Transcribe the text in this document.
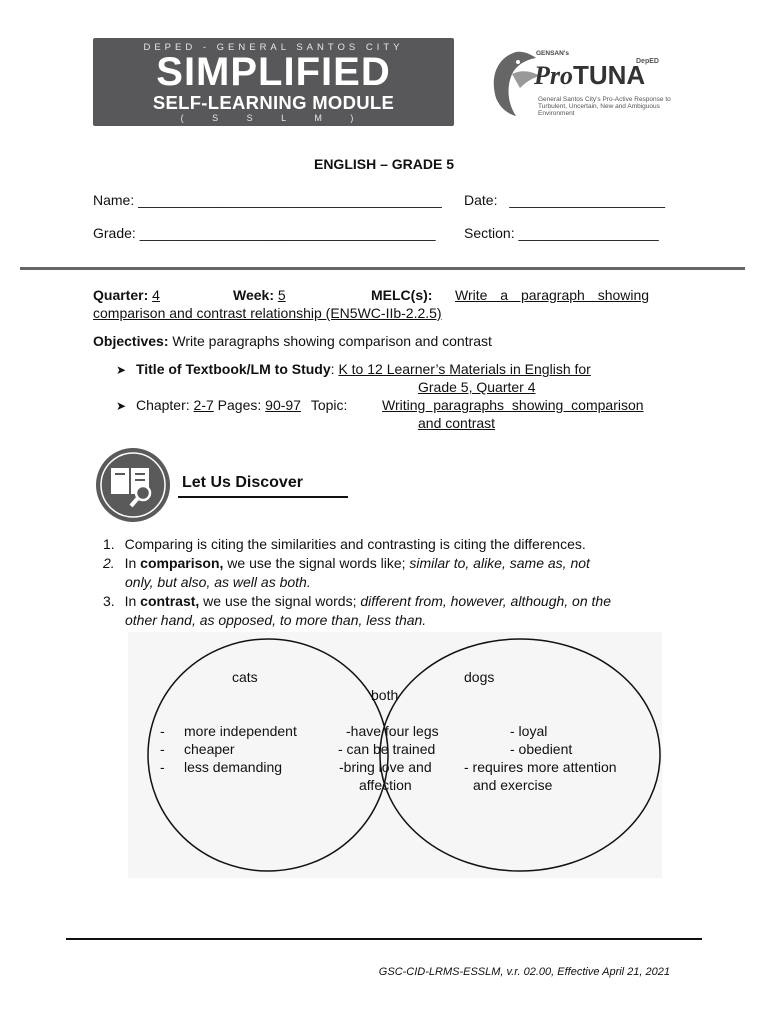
DEPED - GENERAL SANTOS CITY
SIMPLIFIED
SELF-LEARNING MODULE
( S S L M )
GENSAN's
DepED
ProTUNA
General Santos City's Pro-Active Response to Turbulent, Uncertain, New and Ambiguous Environment
ENGLISH – GRADE 5
Name: _______________________________________ Date: ____________________
Grade: ______________________________________ Section: __________________
Quarter: 4	Week: 5	MELC(s): Write a paragraph showing
comparison and contrast relationship (EN5WC-IIb-2.2.5)
Objectives: Write paragraphs showing comparison and contrast
➤ Title of Textbook/LM to Study: K to 12 Learner’s Materials in English for
Grade 5, Quarter 4
➤ Chapter: 2-7 Pages: 90-97 Topic: Writing paragraphs showing comparison
and contrast
Let Us Discover
1. Comparing is citing the similarities and contrasting is citing the differences.
2. In comparison, we use the signal words like; similar to, alike, same as, not
only, but also, as well as both.
3. In contrast, we use the signal words; different from, however, although, on the
other hand, as opposed, to more than, less than.
cats
both
dogs
- more independent
- cheaper
- less demanding
-have four legs
- can be trained
-bring love and
affection
- loyal
- obedient
- requires more attention
and exercise
GSC-CID-LRMS-ESSLM, v.r. 02.00, Effective April 21, 2021
